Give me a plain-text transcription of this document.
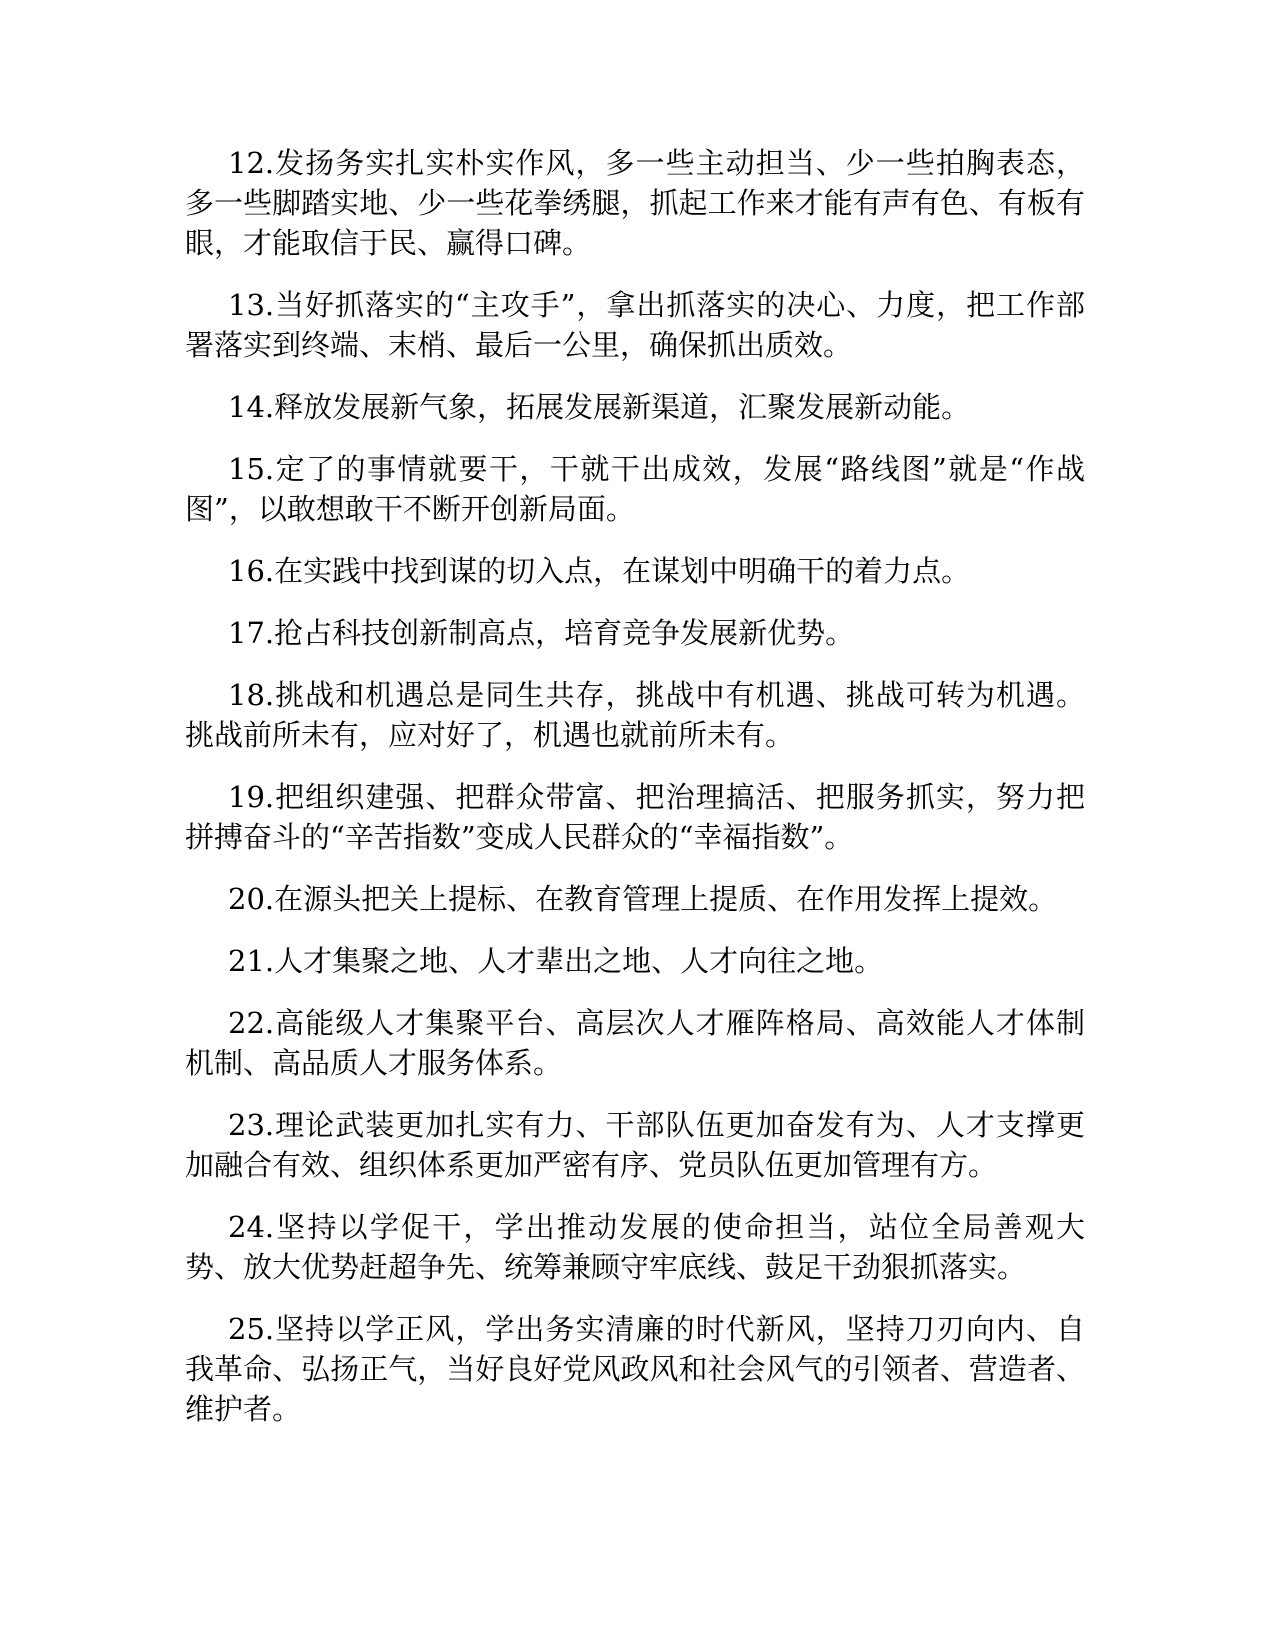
12.发扬务实扎实朴实作风，多一些主动担当、少一些拍胸表态，多一些脚踏实地、少一些花拳绣腿，抓起工作来才能有声有色、有板有眼，才能取信于民、赢得口碑。

13.当好抓落实的“主攻手”，拿出抓落实的决心、力度，把工作部署落实到终端、末梢、最后一公里，确保抓出质效。

14.释放发展新气象，拓展发展新渠道，汇聚发展新动能。

15.定了的事情就要干，干就干出成效，发展“路线图”就是“作战图”，以敢想敢干不断开创新局面。

16.在实践中找到谋的切入点，在谋划中明确干的着力点。

17.抢占科技创新制高点，培育竞争发展新优势。

18.挑战和机遇总是同生共存，挑战中有机遇、挑战可转为机遇。挑战前所未有，应对好了，机遇也就前所未有。

19.把组织建强、把群众带富、把治理搞活、把服务抓实，努力把拼搏奋斗的“辛苦指数”变成人民群众的“幸福指数”。

20.在源头把关上提标、在教育管理上提质、在作用发挥上提效。

21.人才集聚之地、人才辈出之地、人才向往之地。

22.高能级人才集聚平台、高层次人才雁阵格局、高效能人才体制机制、高品质人才服务体系。

23.理论武装更加扎实有力、干部队伍更加奋发有为、人才支撑更加融合有效、组织体系更加严密有序、党员队伍更加管理有方。

24.坚持以学促干，学出推动发展的使命担当，站位全局善观大势、放大优势赶超争先、统筹兼顾守牢底线、鼓足干劲狠抓落实。

25.坚持以学正风，学出务实清廉的时代新风，坚持刀刃向内、自我革命、弘扬正气，当好良好党风政风和社会风气的引领者、营造者、维护者。
